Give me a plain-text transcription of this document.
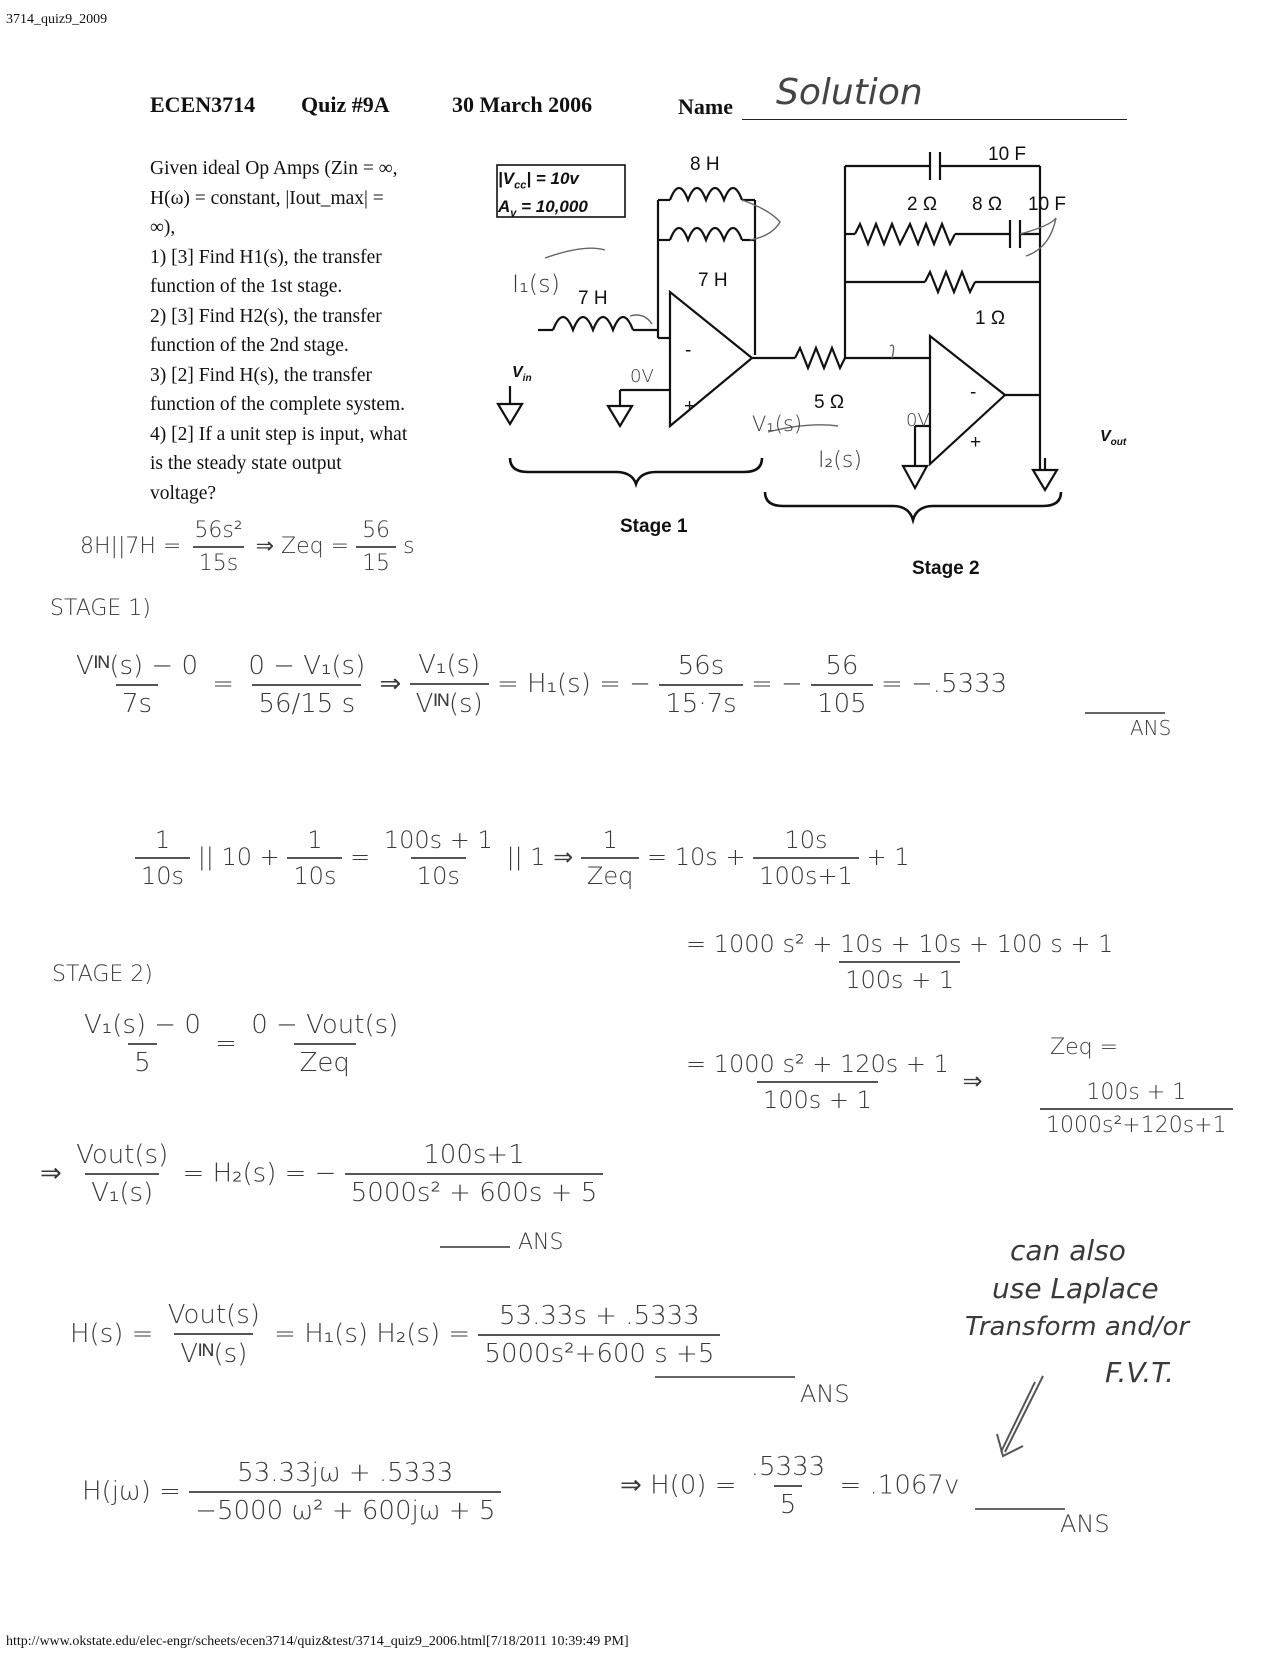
3714_quiz9_2009
ECEN3714 Quiz #9A	30 March 2006	Name Solution
Given ideal Op Amps (Zin = ∞,
H(ω) = constant, |Iout_max| =
∞),
1) [3] Find H1(s), the transfer
function of the 1st stage.
2) [3] Find H2(s), the transfer
function of the 2nd stage.
3) [2] Find H(s), the transfer
function of the complete system.
4) [2] If a unit step is input, what
is the steady state output
voltage?
$|V_{cc}| = 10v$
$A_v = 10,000$
8 H
7 H
7 H
10 F
2 Ω 8 Ω 10 F
1 Ω
5 Ω
$V_{in}$
$V_{out}$
Stage 1
Stage 2
-
+
-
+
I₁(s)
I₂(s)
V₁(s)
0V
0V
$8H||7H = \frac{\text{56s²}}{15s}$ ⇒ Zeq = $\frac{56}{15}$ s
STAGE 1)
$\frac{\text{Vᴵᴺ(s) − 0}}{7s} = \frac{\text{0 − V₁(s)}}{56/15 s}$ ⇒ $\frac{\text{V₁(s)}}{\text{Vᴵᴺ(s)}} = H_1(s)$ = − $\frac{56s}{15\cdot 7s}$ = − $\frac{56}{105} = -.5333$
ANS
$\frac{1}{10s}$ || $10 + \frac{1}{10s} = \frac{100s + 1}{10s}$ || 1 ⇒ $\frac{1}{\text{Zeq}} = 10s + \frac{10s}{100s+1} + 1$
$\frac{\text{= 1000 s² + 10s + 10s + 100 s + 1}}{100s + 1}$
$\frac{\text{= 1000 s² + 120s + 1}}{100s + 1}$ ⇒
Zeq =
$\frac{100s + 1}{\text{1000s²+120s+1}}$
STAGE 2)
$\frac{\text{V₁(s) − 0}}{5} = \frac{\text{0 − Vout(s)}}{\text{Zeq}}$
⇒ $\frac{\text{Vout(s)}}{\text{V₁(s)}} = H_2(s)$ = − $\frac{100s+1}{\text{5000s² + 600s + 5}}$
ANS
$H(s) = \frac{\text{Vout(s)}}{\text{Vᴵᴺ(s)}} = H_1(s) H_2(s) = \frac{53.33s + .5333}{\text{5000s²+600 s +5}}$
ANS
can also
use Laplace
Transform and/or
F.V.T.
$H(j\omega) = \frac{53.33j\omega + .5333}{\text{−5000 ω² + 600jω + 5}}$	⇒ $H(0) = \frac{.5333}{5} = .1067v$
ANS
http://www.okstate.edu/elec-engr/scheets/ecen3714/quiz&test/3714_quiz9_2006.html[7/18/2011 10:39:49 PM]
